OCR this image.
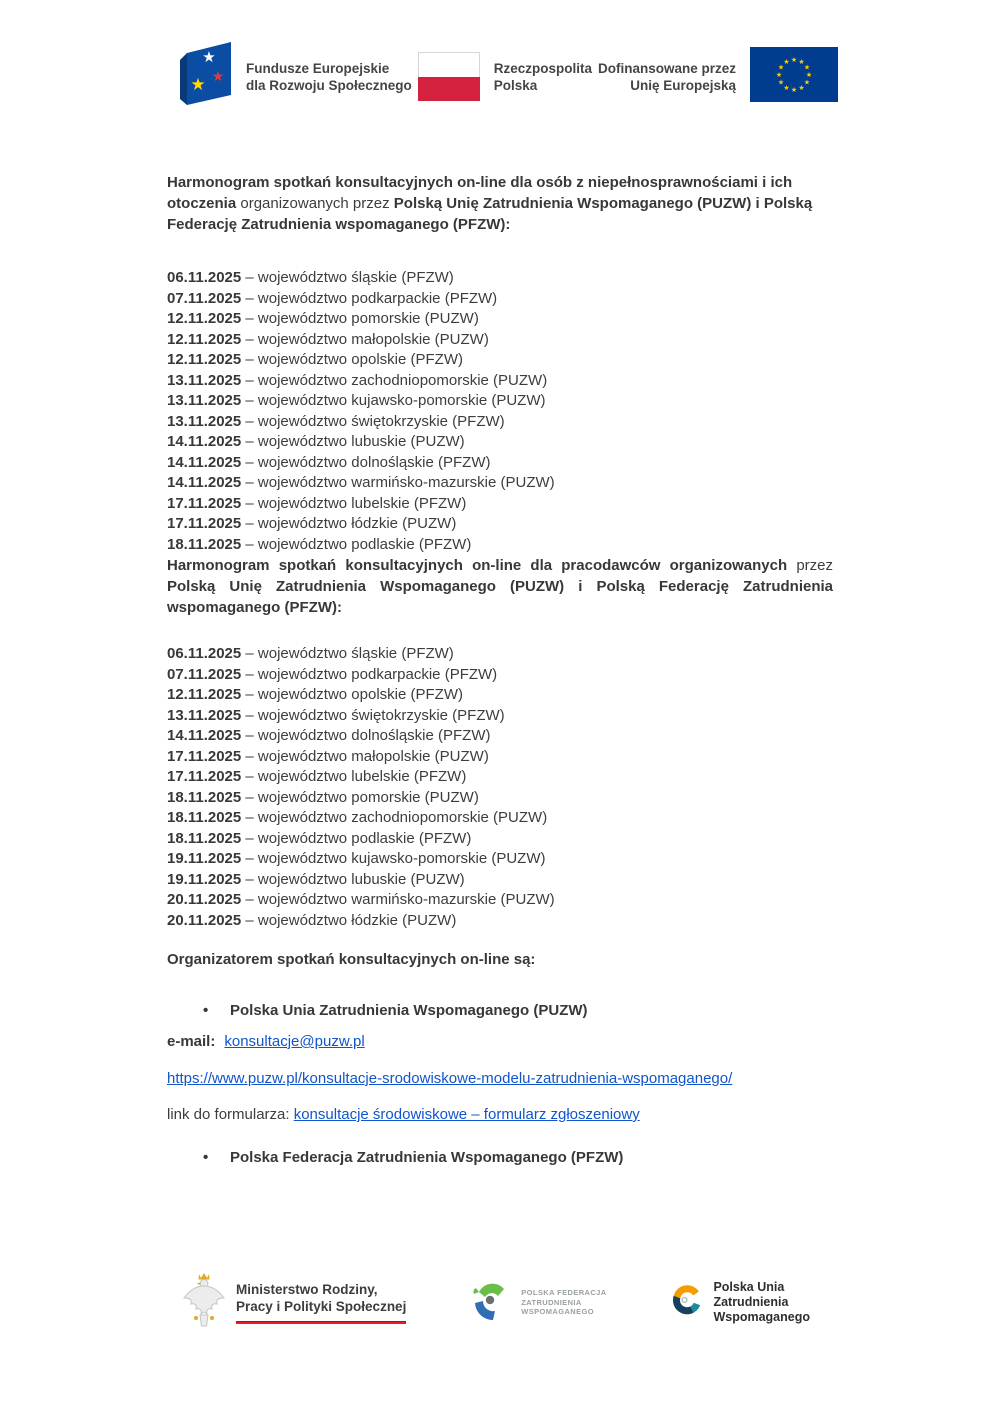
★
★ ★
Fundusze Europejskie
dla Rozwoju Społecznego
Rzeczpospolita
Polska
Dofinansowane przez
Unię Europejską
★ ★
★
★
★
★
★
★
★
★
★
★

Harmonogram spotkań konsultacyjnych on-line dla osób z niepełnosprawnościami i ich otoczenia organizowanych przez Polską Unię Zatrudnienia Wspomaganego (PUZW) i Polską Federację Zatrudnienia wspomaganego (PFZW):

06.11.2025 – województwo śląskie (PFZW)
07.11.2025 – województwo podkarpackie (PFZW)
12.11.2025 – województwo pomorskie (PUZW)
12.11.2025 – województwo małopolskie (PUZW)
12.11.2025 – województwo opolskie (PFZW)
13.11.2025 – województwo zachodniopomorskie (PUZW)
13.11.2025 – województwo kujawsko-pomorskie (PUZW)
13.11.2025 – województwo świętokrzyskie (PFZW)
14.11.2025 – województwo lubuskie (PUZW)
14.11.2025 – województwo dolnośląskie (PFZW)
14.11.2025 – województwo warmińsko-mazurskie (PUZW)
17.11.2025 – województwo lubelskie (PFZW)
17.11.2025 – województwo łódzkie (PUZW)
18.11.2025 – województwo podlaskie (PFZW)

Harmonogram spotkań konsultacyjnych on-line dla pracodawców organizowanych przez Polską Unię Zatrudnienia Wspomaganego (PUZW) i Polską Federację Zatrudnienia wspomaganego (PFZW):

06.11.2025 – województwo śląskie (PFZW)
07.11.2025 – województwo podkarpackie (PFZW)
12.11.2025 – województwo opolskie (PFZW)
13.11.2025 – województwo świętokrzyskie (PFZW)
14.11.2025 – województwo dolnośląskie (PFZW)
17.11.2025 – województwo małopolskie (PUZW)
17.11.2025 – województwo lubelskie (PFZW)
18.11.2025 – województwo pomorskie (PUZW)
18.11.2025 – województwo zachodniopomorskie (PUZW)
18.11.2025 – województwo podlaskie (PFZW)
19.11.2025 – województwo kujawsko-pomorskie (PUZW)
19.11.2025 – województwo lubuskie (PUZW)
20.11.2025 – województwo warmińsko-mazurskie (PUZW)
20.11.2025 – województwo łódzkie (PUZW)

Organizatorem spotkań konsultacyjnych on-line są:

• Polska Unia Zatrudnienia Wspomaganego (PUZW)
e-mail: konsultacje@puzw.pl
https://www.puzw.pl/konsultacje-srodowiskowe-modelu-zatrudnienia-wspomaganego/
link do formularza: konsultacje środowiskowe – formularz zgłoszeniowy
• Polska Federacja Zatrudnienia Wspomaganego (PFZW)
Ministerstwo Rodziny,
Pracy i Polityki Społecznej
POLSKA FEDERACJA
ZATRUDNIENIA
WSPOMAGANEGO
Polska Unia
Zatrudnienia
Wspomaganego
